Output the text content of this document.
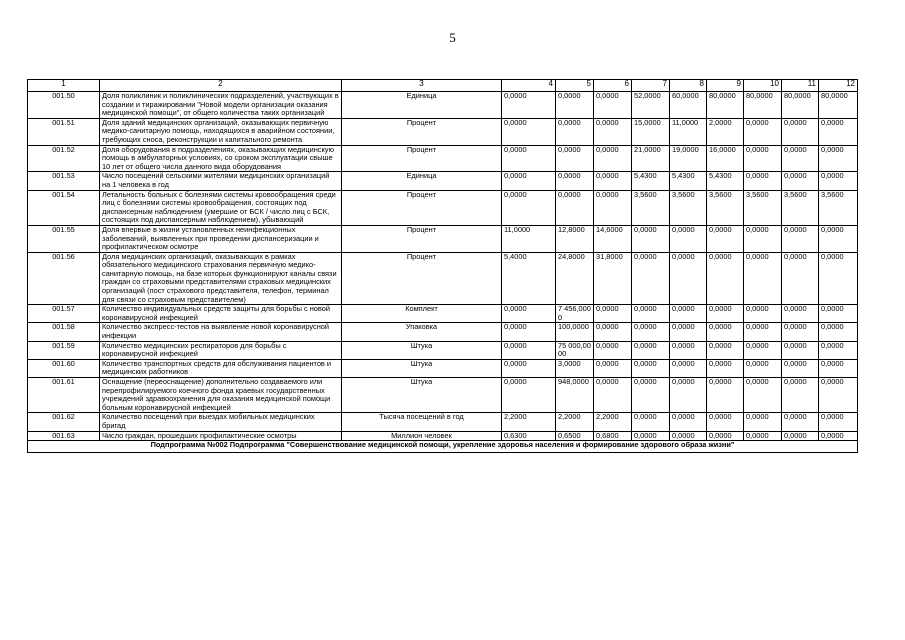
5
1	2	3	4	5	6	7	8	9	10	11	12
001.50	Доля поликлиник и поликлинических подразделений, участвующих в создании и тиражировании "Новой модели организации оказания медицинской помощи", от общего количества таких организаций	Единица	0,0000	0,0000	0,0000	52,0000	60,0000	80,0000	80,0000	80,0000	80,0000
001.51	Доля зданий медицинских организаций, оказывающих первичную медико-санитарную помощь, находящихся в аварийном состоянии, требующих сноса, реконструкции и капитального ремонта	Процент	0,0000	0,0000	0,0000	15,0000	11,0000	2,0000	0,0000	0,0000	0,0000
001.52	Доля оборудования в подразделениях, оказывающих медицинскую помощь в амбулаторных условиях, со сроком эксплуатации свыше 10 лет от общего числа данного вида оборудования	Процент	0,0000	0,0000	0,0000	21,0000	19,0000	16,0000	0,0000	0,0000	0,0000
001.53	Число посещений сельскими жителями медицинских организаций на 1 человека в год	Единица	0,0000	0,0000	0,0000	5,4300	5,4300	5,4300	0,0000	0,0000	0,0000
001.54	Летальность больных с болезнями системы кровообращения среди лиц с болезнями системы кровообращения, состоящих под диспансерным наблюдением (умершие от БСК / число лиц с БСК, состоящих под диспансерным наблюдением), убывающий	Процент	0,0000	0,0000	0,0000	3,5600	3,5600	3,5600	3,5600	3,5600	3,5600
001.55	Доля впервые в жизни установленных неинфекционных заболеваний, выявленных при проведении диспансеризации и профилактическом осмотре	Процент	11,0000	12,8000	14,6000	0,0000	0,0000	0,0000	0,0000	0,0000	0,0000
001.56	Доля медицинских организаций, оказывающих в рамках обязательного медицинского страхования первичную медико-санитарную помощь, на базе которых функционируют каналы связи граждан со страховыми представителями страховых медицинских организаций (пост страхового представителя, телефон, терминал для связи со страховым представителем)	Процент	5,4000	24,8000	31,8000	0,0000	0,0000	0,0000	0,0000	0,0000	0,0000
001.57	Количество индивидуальных средств защиты для борьбы с новой коронавирусной инфекцией	Комплект	0,0000	7 456,0000	0,0000	0,0000	0,0000	0,0000	0,0000	0,0000	0,0000
001.58	Количество экспресс-тестов на выявление новой коронавирусной инфекции	Упаковка	0,0000	100,0000	0,0000	0,0000	0,0000	0,0000	0,0000	0,0000	0,0000
001.59	Количество медицинских респираторов для борьбы с коронавирусной инфекцией	Штука	0,0000	75 000,0000	0,0000	0,0000	0,0000	0,0000	0,0000	0,0000	0,0000
001.60	Количество транспортных средств для обслуживания пациентов и медицинских работников	Штука	0,0000	3,0000	0,0000	0,0000	0,0000	0,0000	0,0000	0,0000	0,0000
001.61	Оснащение (переоснащение) дополнительно создаваемого или перепрофилируемого коечного фонда краевых государственных учреждений здравоохранения для оказания медицинской помощи больным коронавирусной инфекцией	Штука	0,0000	948,0000	0,0000	0,0000	0,0000	0,0000	0,0000	0,0000	0,0000
001.62	Количество посещений при выездах мобильных медицинских бригад	Тысяча посещений в год	2,2000	2,2000	2,2000	0,0000	0,0000	0,0000	0,0000	0,0000	0,0000
001.63	Число граждан, прошедших профилактические осмотры	Миллион человек	0,6300	0,6500	0,6800	0,0000	0,0000	0,0000	0,0000	0,0000	0,0000
Подпрограмма №002 Подпрограмма "Совершенствование медицинской помощи, укрепление здоровья населения и формирование здорового образа жизни"											
